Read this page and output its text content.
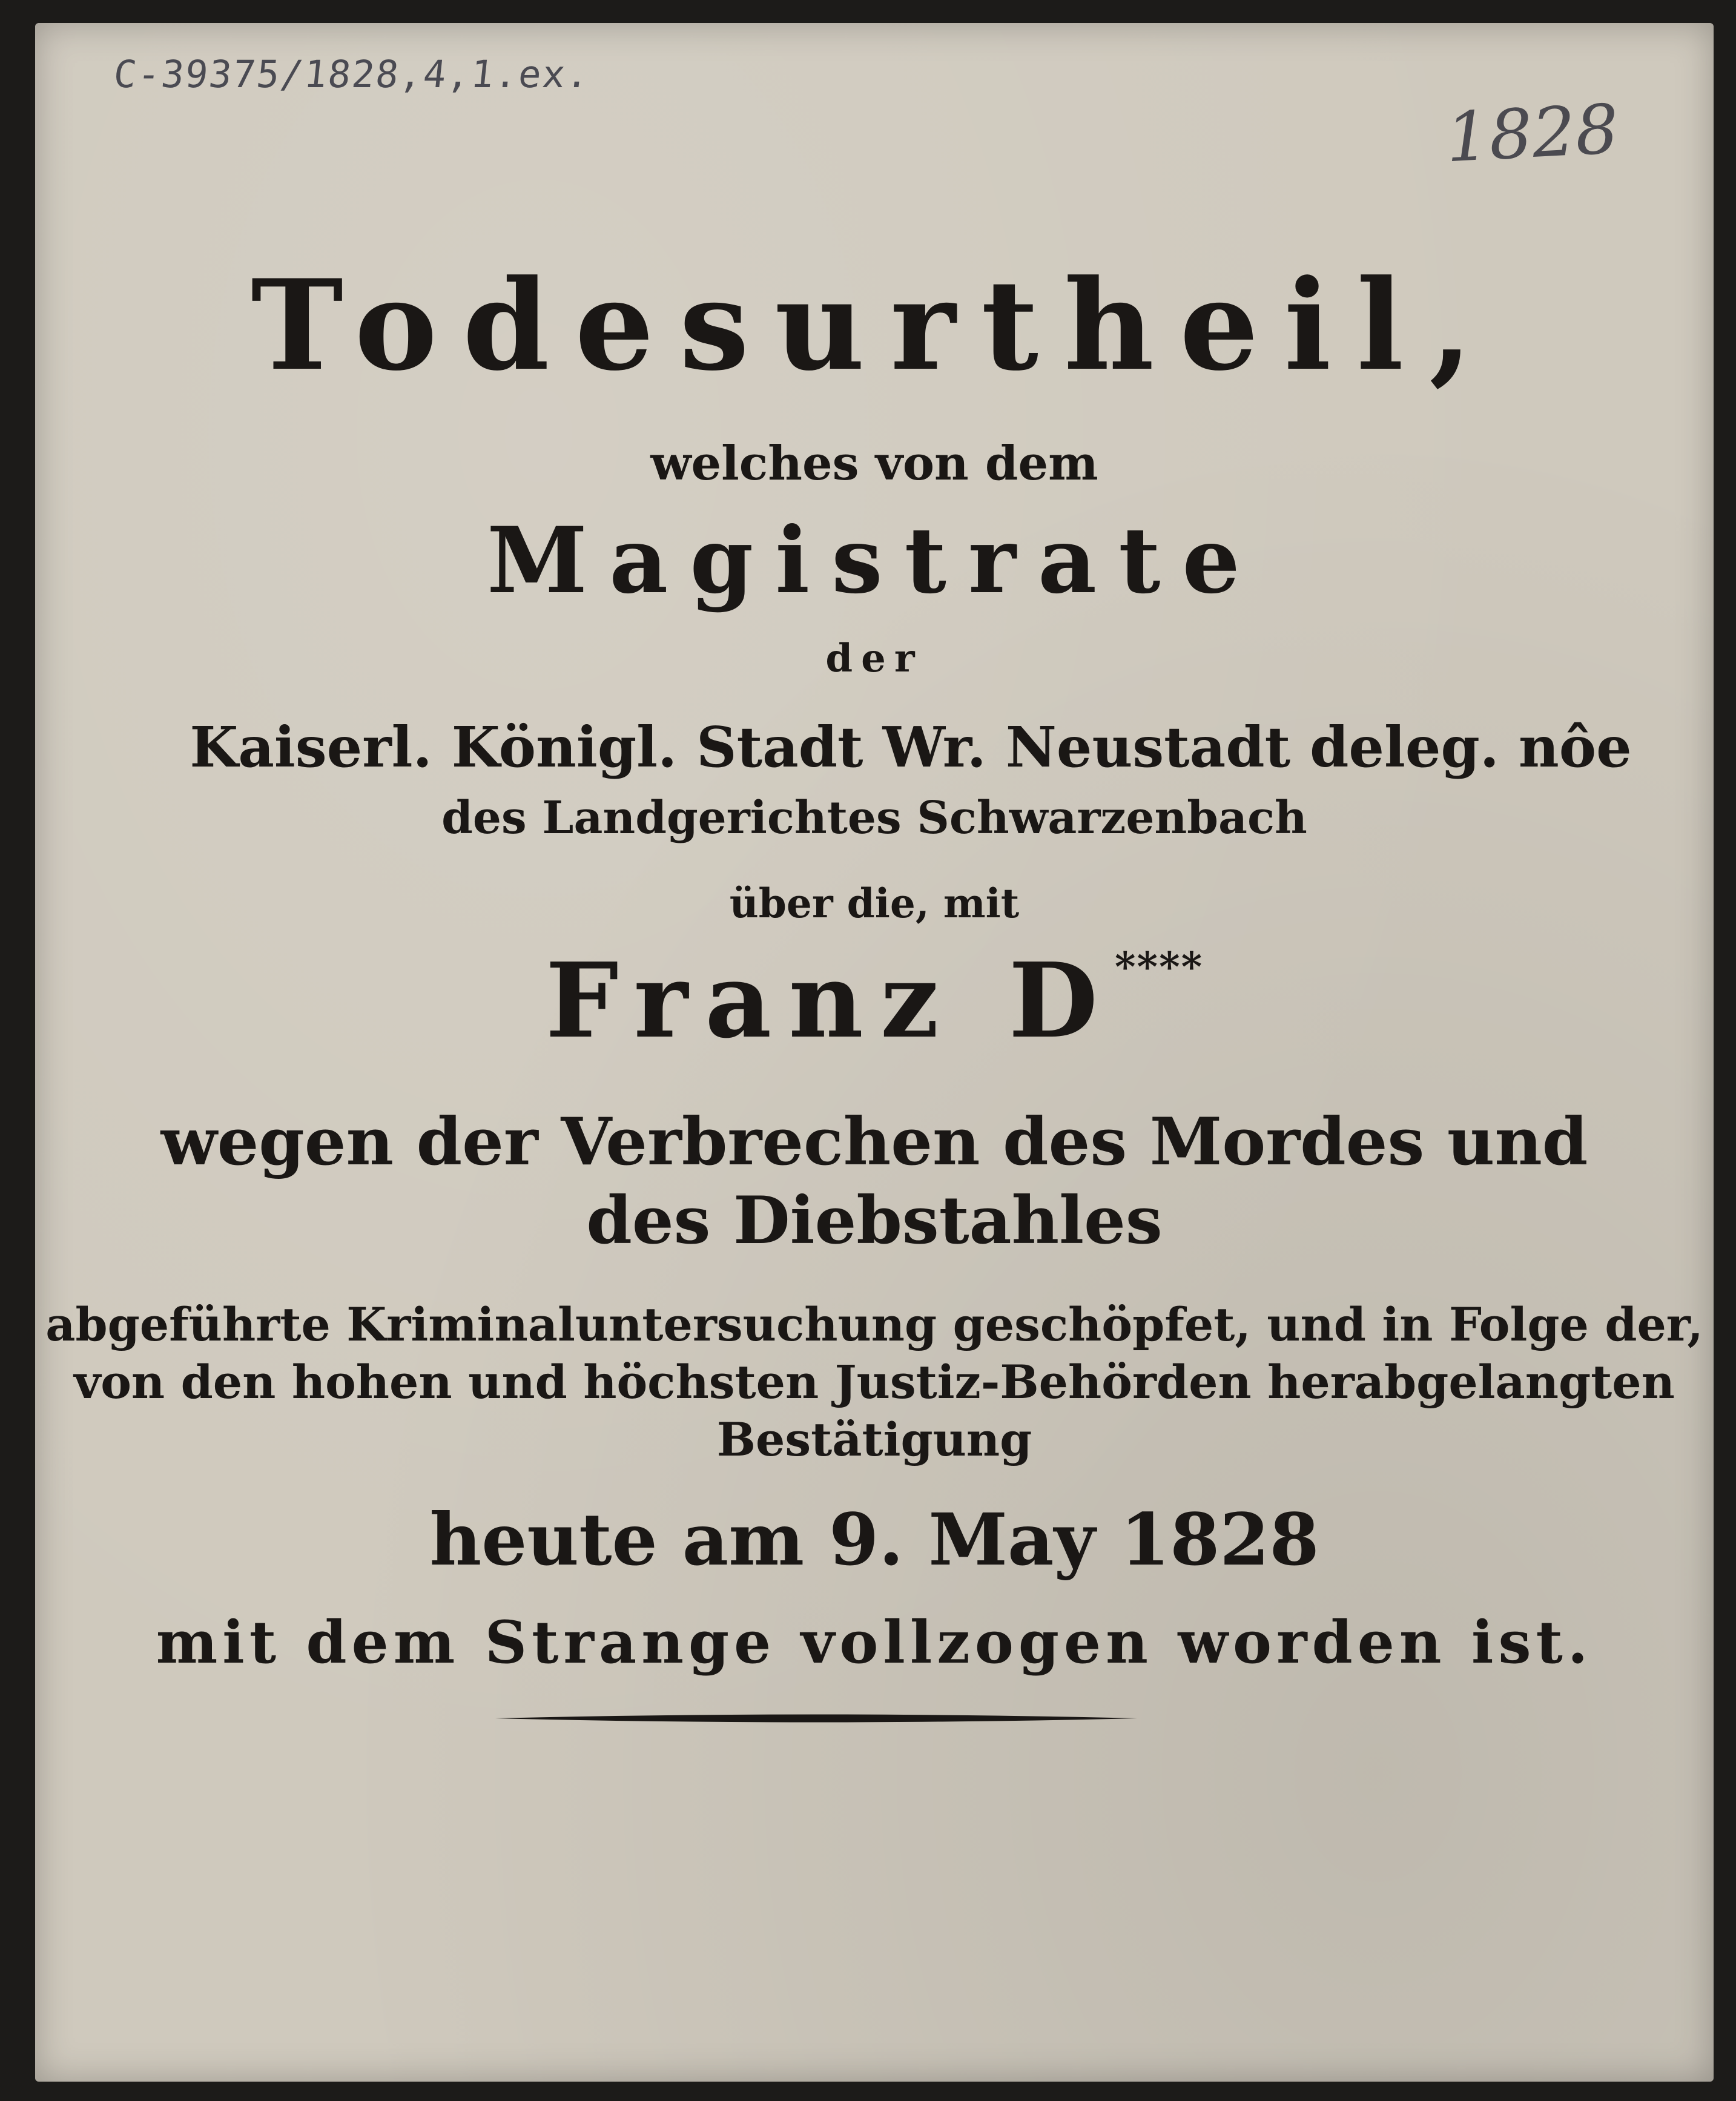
C-39375/1828,4,1.ex.
1828
Todesurtheil,

welches von dem

Magistrate

der

Kaiserl. Königl. Stadt Wr. Neustadt deleg. nôe

des Landgerichtes Schwarzenbach

über die, mit

Franz D****

wegen der Verbrechen des Mordes und

des Diebstahles

abgeführte Kriminaluntersuchung geschöpfet, und in Folge der,

von den hohen und höchsten Justiz-Behörden herabgelangten

Bestätigung

heute am 9. May 1828

mit dem Strange vollzogen worden ist.
